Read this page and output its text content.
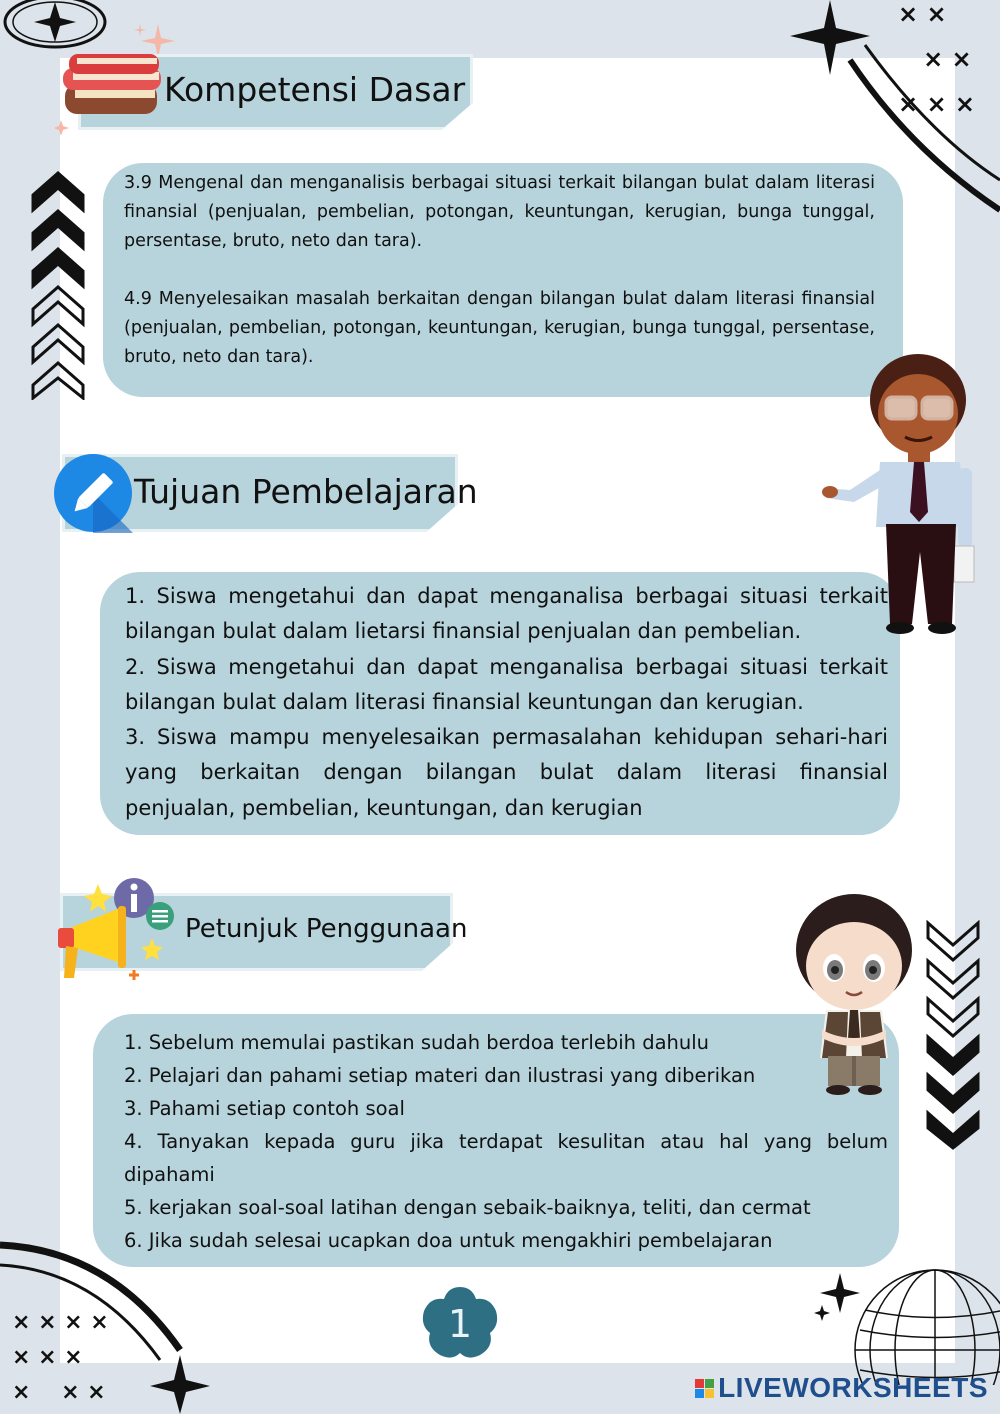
× ×
× ×
× × ×
× × × ×
× × ×
×    × ×
Kompetensi Dasar

3.9 Mengenal dan menganalisis berbagai situasi terkait bilangan bulat dalam literasi finansial (penjualan, pembelian, potongan, keuntungan, kerugian, bunga tunggal, persentase, bruto, neto dan tara).

4.9 Menyelesaikan masalah berkaitan dengan bilangan bulat dalam literasi finansial (penjualan, pembelian, potongan, keuntungan, kerugian, bunga tunggal, persentase, bruto, neto dan tara).

Tujuan Pembelajaran

1. Siswa mengetahui dan dapat menganalisa berbagai situasi terkait bilangan bulat dalam lietarsi finansial penjualan dan pembelian.

2. Siswa mengetahui dan dapat menganalisa berbagai situasi terkait bilangan bulat dalam literasi finansial keuntungan dan kerugian.

3. Siswa mampu menyelesaikan permasalahan kehidupan sehari-hari yang berkaitan dengan bilangan bulat dalam literasi finansial penjualan, pembelian, keuntungan, dan kerugian

Petunjuk Penggunaan

1. Sebelum memulai pastikan sudah berdoa terlebih dahulu

2. Pelajari dan pahami setiap materi dan ilustrasi yang diberikan

3. Pahami setiap contoh soal

4. Tanyakan kepada guru jika terdapat kesulitan atau hal yang belum dipahami

5. kerjakan soal-soal latihan dengan sebaik-baiknya, teliti, dan cermat

6. Jika sudah selesai ucapkan doa untuk mengakhiri pembelajaran

1
LIVEWORKSHEETS
